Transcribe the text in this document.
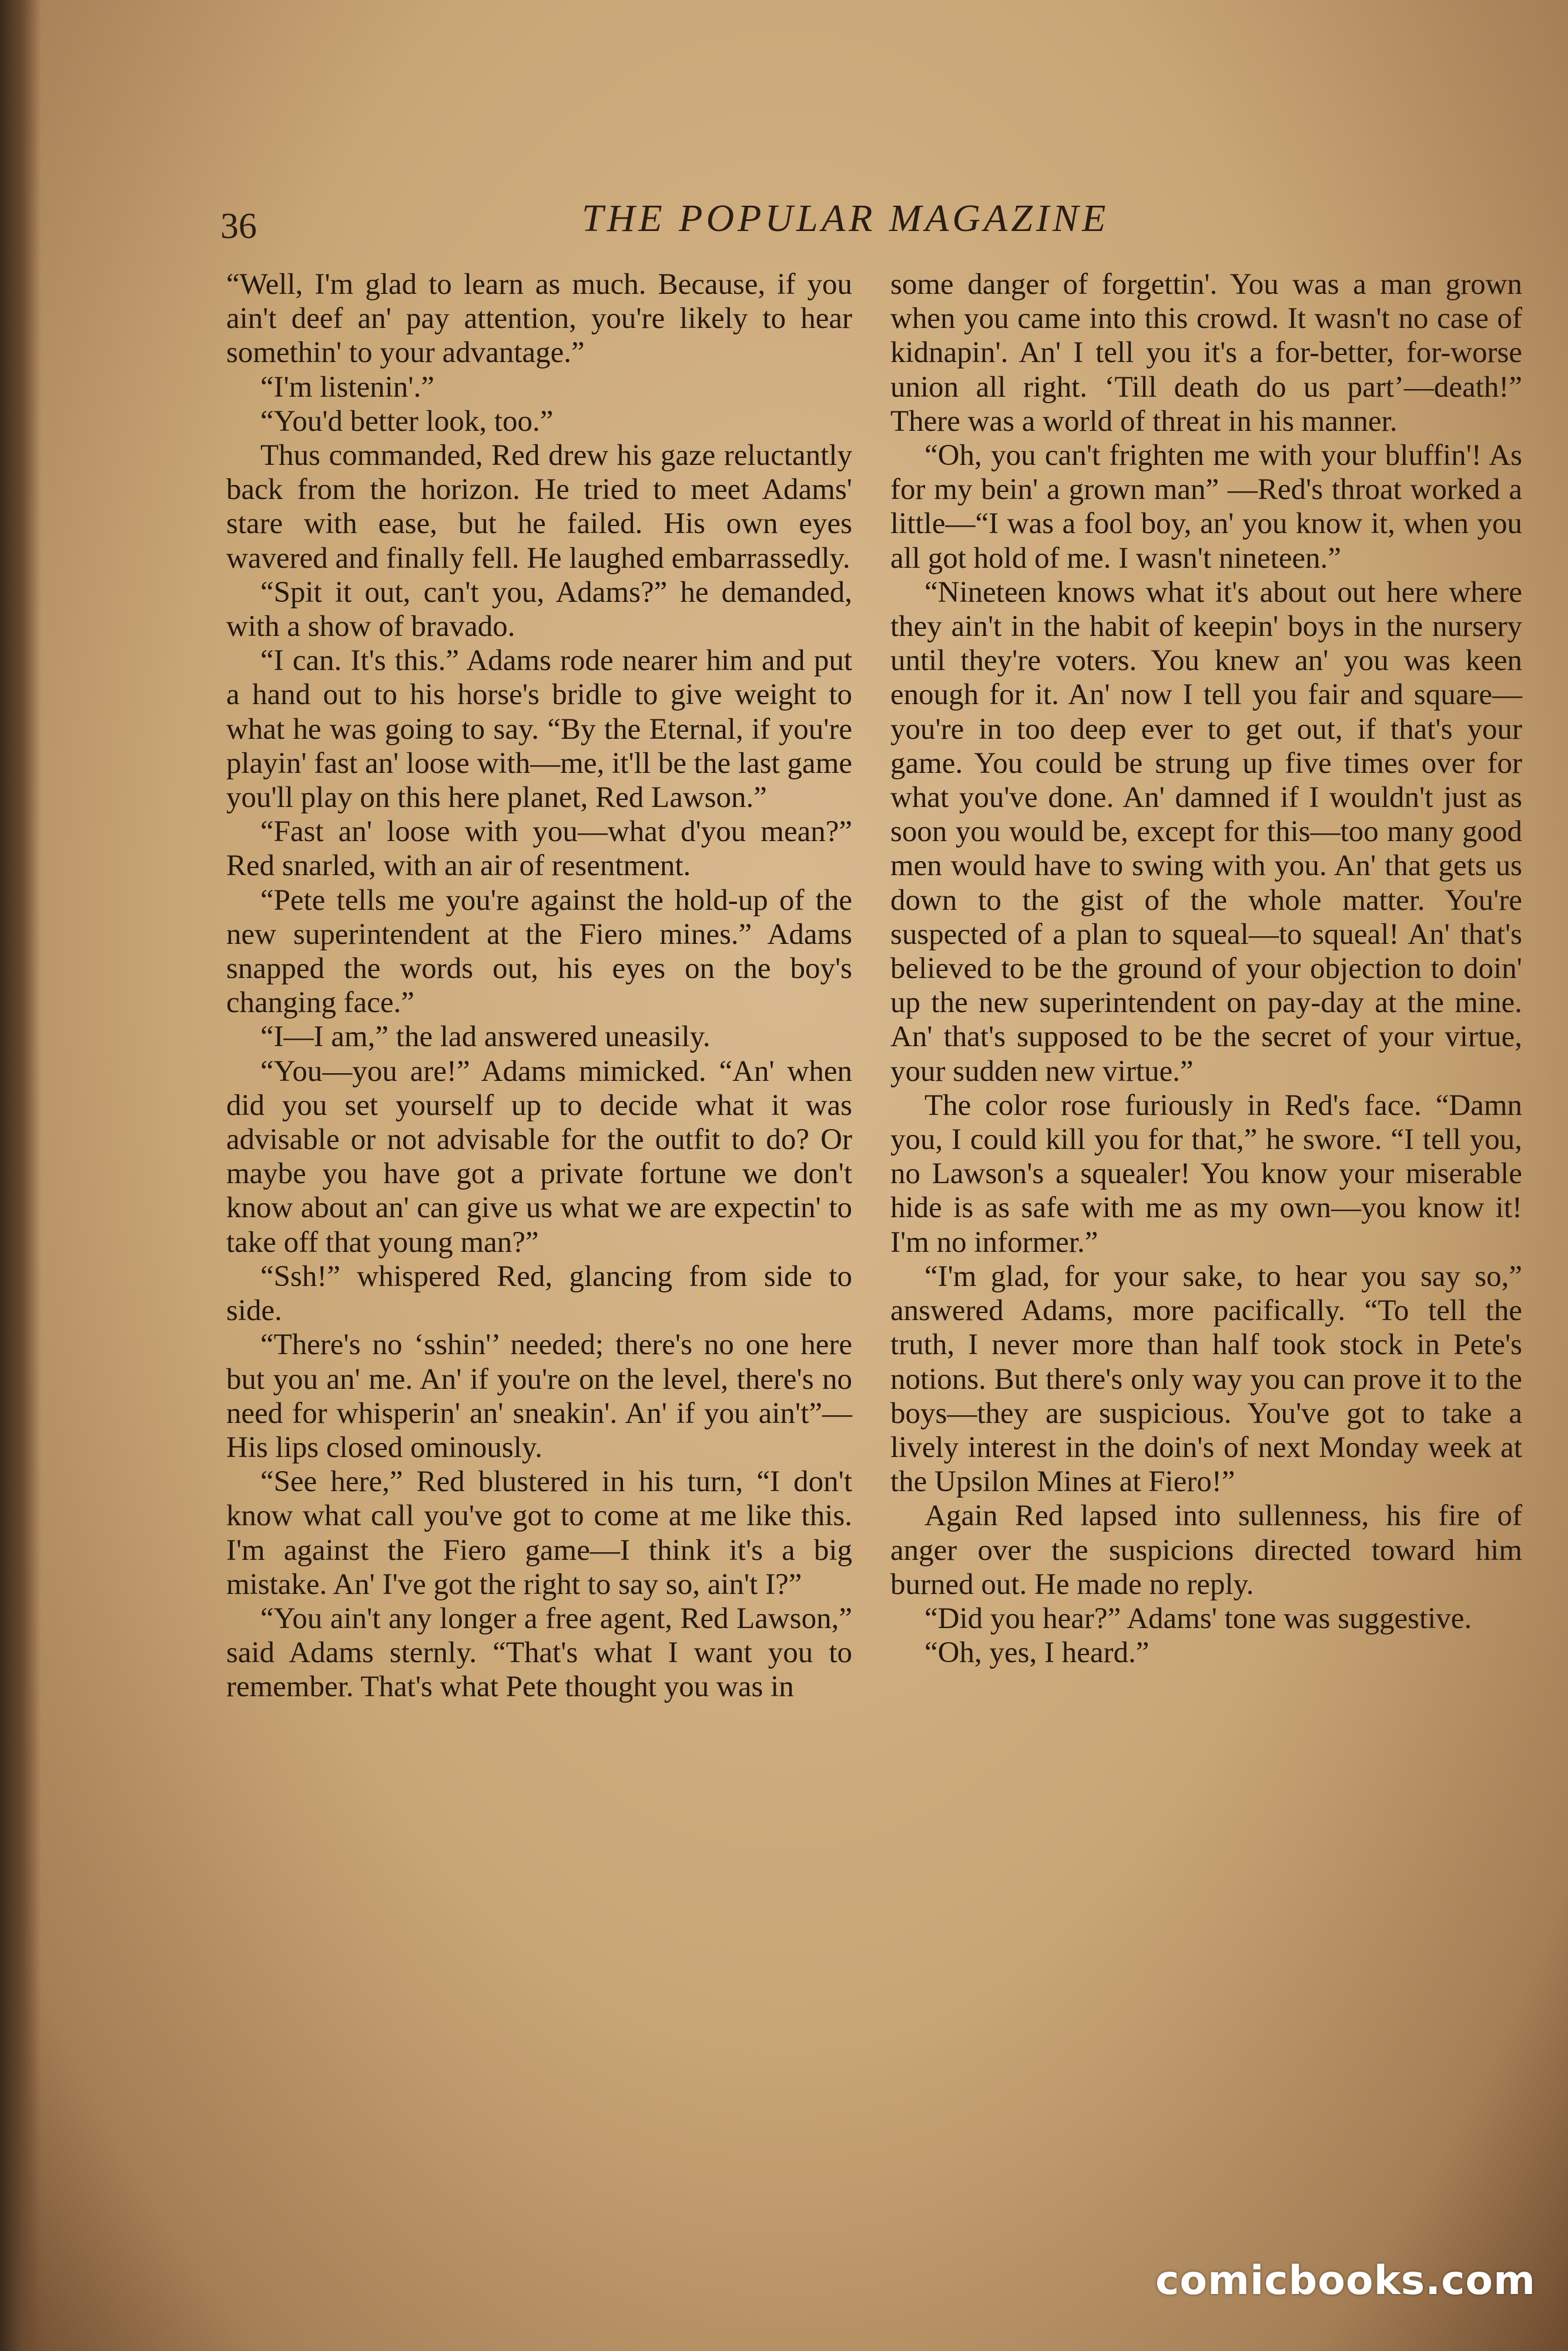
36	THE POPULAR MAGAZINE

“Well, I'm glad to learn as much. Because, if you ain't deef an' pay attention, you're likely to hear somethin' to your advantage.”

“I'm listenin'.”

“You'd better look, too.”

Thus commanded, Red drew his gaze reluctantly back from the horizon. He tried to meet Adams' stare with ease, but he failed. His own eyes wavered and finally fell. He laughed embarrassedly.

“Spit it out, can't you, Adams?” he demanded, with a show of bravado.

“I can. It's this.” Adams rode nearer him and put a hand out to his horse's bridle to give weight to what he was going to say. “By the Eternal, if you're playin' fast an' loose with—me, it'll be the last game you'll play on this here planet, Red Lawson.”

“Fast an' loose with you—what d'you mean?” Red snarled, with an air of resentment.

“Pete tells me you're against the hold-up of the new superintendent at the Fiero mines.” Adams snapped the words out, his eyes on the boy's changing face.”

“I—I am,” the lad answered uneasily.

“You—you are!” Adams mimicked. “An' when did you set yourself up to decide what it was advisable or not advisable for the outfit to do? Or maybe you have got a private fortune we don't know about an' can give us what we are expectin' to take off that young man?”

“Ssh!” whispered Red, glancing from side to side.

“There's no ‘sshin'’ needed; there's no one here but you an' me. An' if you're on the level, there's no need for whisperin' an' sneakin'. An' if you ain't”—His lips closed ominously.

“See here,” Red blustered in his turn, “I don't know what call you've got to come at me like this. I'm against the Fiero game—I think it's a big mistake. An' I've got the right to say so, ain't I?”

“You ain't any longer a free agent, Red Lawson,” said Adams sternly. “That's what I want you to remember. That's what Pete thought you was in

some danger of forgettin'. You was a man grown when you came into this crowd. It wasn't no case of kidnapin'. An' I tell you it's a for-better, for-worse union all right. ‘Till death do us part’—death!” There was a world of threat in his manner.

“Oh, you can't frighten me with your bluffin'! As for my bein' a grown man” —Red's throat worked a little—“I was a fool boy, an' you know it, when you all got hold of me. I wasn't nineteen.”

“Nineteen knows what it's about out here where they ain't in the habit of keepin' boys in the nursery until they're voters. You knew an' you was keen enough for it. An' now I tell you fair and square—you're in too deep ever to get out, if that's your game. You could be strung up five times over for what you've done. An' damned if I wouldn't just as soon you would be, except for this—too many good men would have to swing with you. An' that gets us down to the gist of the whole matter. You're suspected of a plan to squeal—to squeal! An' that's believed to be the ground of your objection to doin' up the new superintendent on pay-day at the mine. An' that's supposed to be the secret of your virtue, your sudden new virtue.”

The color rose furiously in Red's face. “Damn you, I could kill you for that,” he swore. “I tell you, no Lawson's a squealer! You know your miserable hide is as safe with me as my own—you know it! I'm no informer.”

“I'm glad, for your sake, to hear you say so,” answered Adams, more pacifically. “To tell the truth, I never more than half took stock in Pete's notions. But there's only way you can prove it to the boys—they are suspicious. You've got to take a lively interest in the doin's of next Monday week at the Upsilon Mines at Fiero!”

Again Red lapsed into sullenness, his fire of anger over the suspicions directed toward him burned out. He made no reply.

“Did you hear?” Adams' tone was suggestive.

“Oh, yes, I heard.”

comicbooks.com
